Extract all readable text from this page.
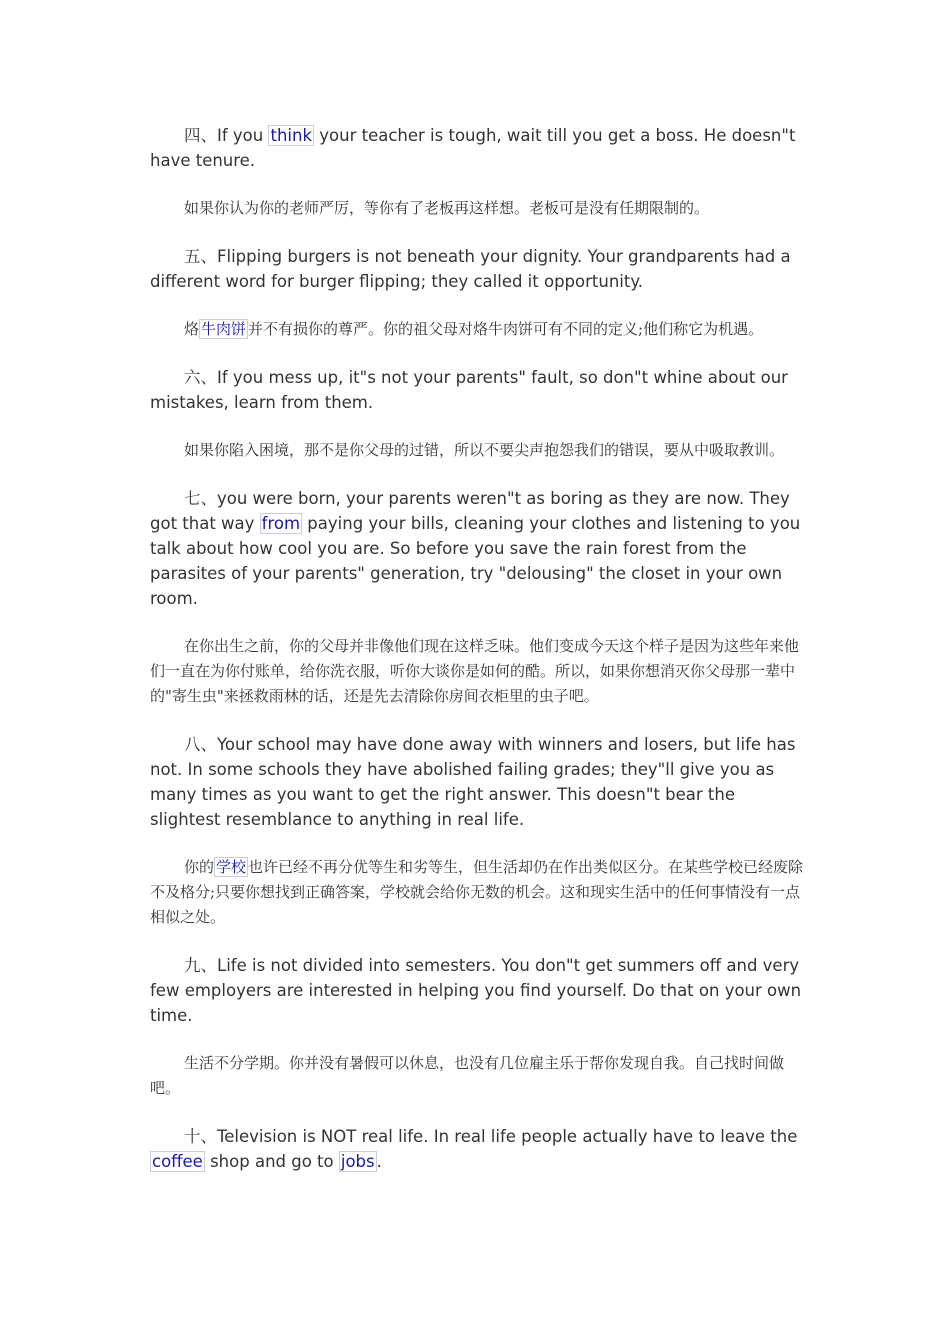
四、If you think your teacher is tough, wait till you get a boss. He doesn"t have tenure.

如果你认为你的老师严厉，等你有了老板再这样想。老板可是没有任期限制的。

五、Flipping burgers is not beneath your dignity. Your grandparents had a different word for burger flipping; they called it opportunity.

烙 牛肉饼 并不有损你的尊严。你的祖父母对烙牛肉饼可有不同的定义;他们称它为机遇。

六、If you mess up, it"s not your parents" fault, so don"t whine about our mistakes, learn from them.

如果你陷入困境，那不是你父母的过错，所以不要尖声抱怨我们的错误，要从中吸取教训。

七、you were born, your parents weren"t as boring as they are now. They got that way from paying your bills, cleaning your clothes and listening to you talk about how cool you are. So before you save the rain forest from the parasites of your parents" generation, try "delousing" the closet in your own room.

在你出生之前，你的父母并非像他们现在这样乏味。他们变成今天这个样子是因为这些年来他们一直在为你付账单，给你洗衣服，听你大谈你是如何的酷。所以，如果你想消灭你父母那一辈中的"寄生虫"来拯救雨林的话，还是先去清除你房间衣柜里的虫子吧。

八、Your school may have done away with winners and losers, but life has not. In some schools they have abolished failing grades; they"ll give you as many times as you want to get the right answer. This doesn"t bear the slightest resemblance to anything in real life.

你的 学校 也许已经不再分优等生和劣等生，但生活却仍在作出类似区分。在某些学校已经废除不及格分;只要你想找到正确答案，学校就会给你无数的机会。这和现实生活中的任何事情没有一点相似之处。

九、Life is not divided into semesters. You don"t get summers off and very few employers are interested in helping you find yourself. Do that on your own time.

生活不分学期。你并没有暑假可以休息，也没有几位雇主乐于帮你发现自我。自己找时间做吧。

十、Television is NOT real life. In real life people actually have to leave the coffee shop and go to jobs .
